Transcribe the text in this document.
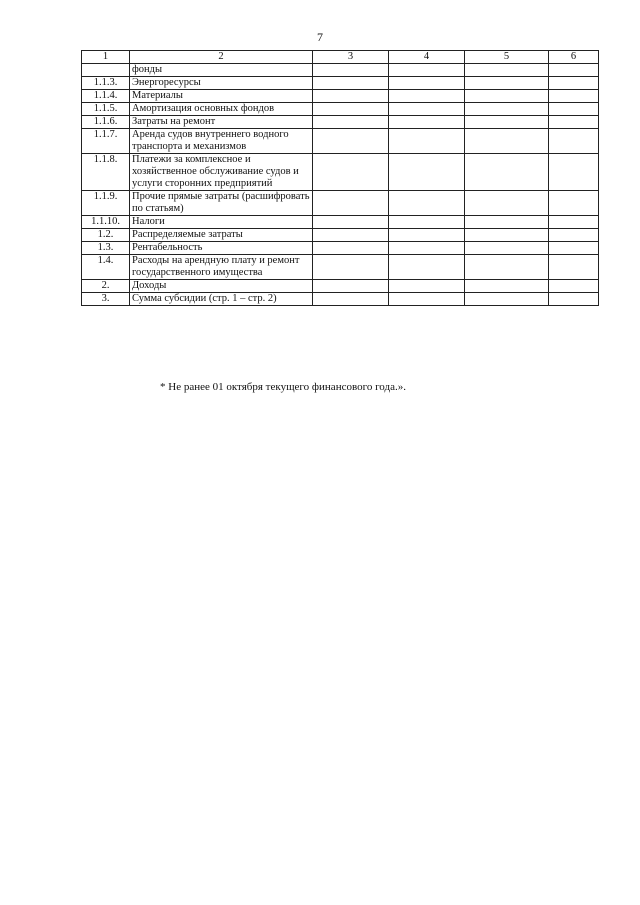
7
1	2	3	4	5	6
	фонды				
1.1.3.	Энергоресурсы				
1.1.4.	Материалы				
1.1.5.	Амортизация основных фондов				
1.1.6.	Затраты на ремонт				
1.1.7.	Аренда судов внутреннего водного транспорта и механизмов				
1.1.8.	Платежи за комплексное и хозяйственное обслуживание судов и услуги сторонних предприятий				
1.1.9.	Прочие прямые затраты (расшифровать по статьям)				
1.1.10.	Налоги				
1.2.	Распределяемые затраты				
1.3.	Рентабельность				
1.4.	Расходы на арендную плату и ремонт государственного имущества				
2.	Доходы				
3.	Сумма субсидии (стр. 1 – стр. 2)				
* Не ранее 01 октября текущего финансового года.».
